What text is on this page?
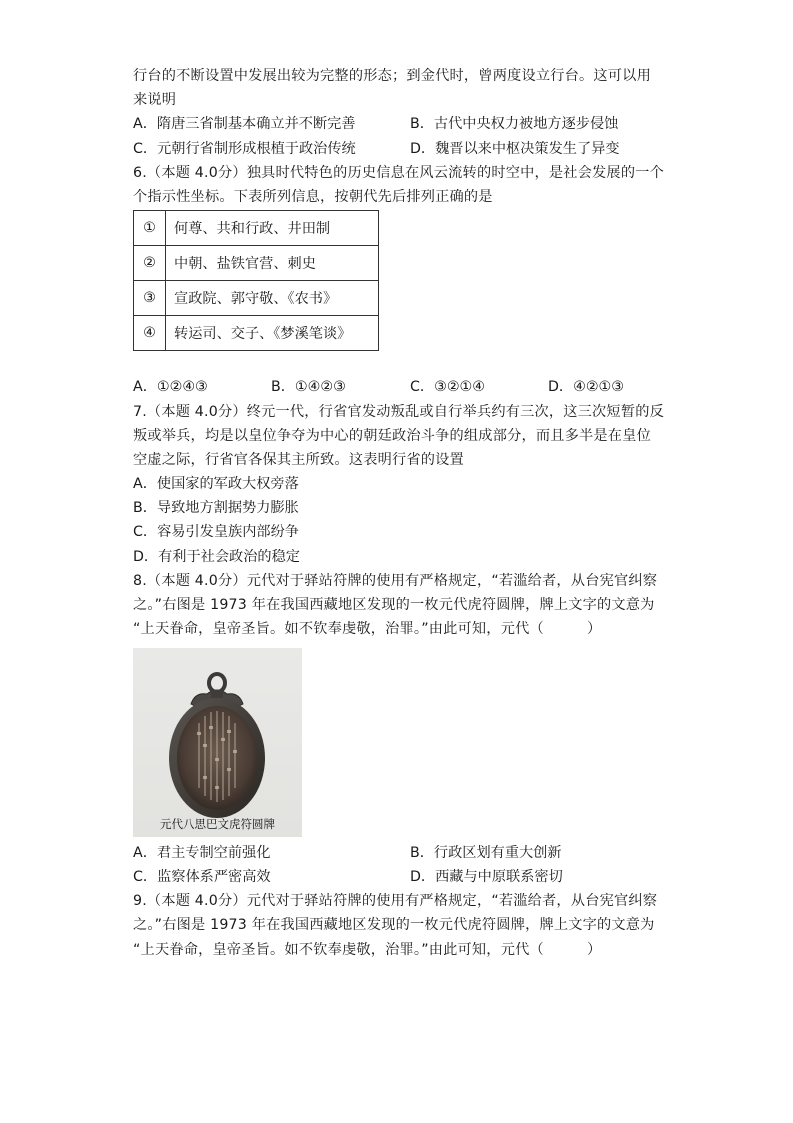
行台的不断设置中发展出较为完整的形态；到金代时，曾两度设立行台。这可以用
来说明
A．隋唐三省制基本确立并不断完善	B．古代中央权力被地方逐步侵蚀
C．元朝行省制形成根植于政治传统	D．魏晋以来中枢决策发生了异变
6.（本题 4.0分）独具时代特色的历史信息在风云流转的时空中，是社会发展的一个
个指示性坐标。下表所列信息，按朝代先后排列正确的是
①	何尊、共和行政、井田制
②	中朝、盐铁官营、刺史
③	宣政院、郭守敬、《农书》
④	转运司、交子、《梦溪笔谈》
A．①②④③	B．①④②③	C．③②①④	D．④②①③
7.（本题 4.0分）终元一代，行省官发动叛乱或自行举兵约有三次，这三次短暂的反
叛或举兵，均是以皇位争夺为中心的朝廷政治斗争的组成部分，而且多半是在皇位
空虚之际，行省官各保其主所致。这表明行省的设置
A．使国家的军政大权旁落
B．导致地方割据势力膨胀
C．容易引发皇族内部纷争
D．有利于社会政治的稳定
8.（本题 4.0分）元代对于驿站符牌的使用有严格规定，“若滥给者，从台宪官纠察
之。”右图是 1973 年在我国西藏地区发现的一枚元代虎符圆牌，牌上文字的文意为
“上天眷命，皇帝圣旨。如不钦奉虔敬，治罪。”由此可知，元代（　　　）
元代八思巴文虎符圆牌
A．君主专制空前强化	B．行政区划有重大创新
C．监察体系严密高效	D．西藏与中原联系密切
9.（本题 4.0分）元代对于驿站符牌的使用有严格规定，“若滥给者，从台宪官纠察
之。”右图是 1973 年在我国西藏地区发现的一枚元代虎符圆牌，牌上文字的文意为
“上天眷命，皇帝圣旨。如不钦奉虔敬，治罪。”由此可知，元代（　　　）
